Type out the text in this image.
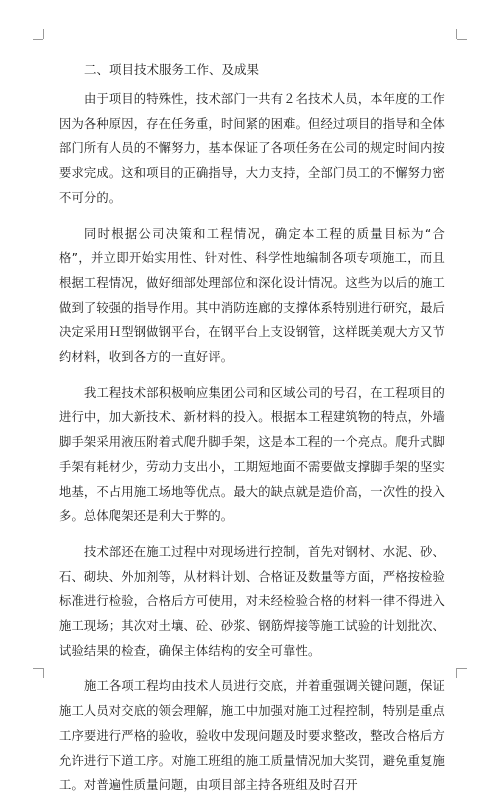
二、项目技术服务工作、及成果

由于项目的特殊性，技术部门一共有２名技术人员，本年度的工作因为各种原因，存在任务重，时间紧的困难。但经过项目的指导和全体部门所有人员的不懈努力，基本保证了各项任务在公司的规定时间内按要求完成。这和项目的正确指导，大力支持，全部门员工的不懈努力密不可分的。

同时根据公司决策和工程情况，确定本工程的质量目标为“合格”，并立即开始实用性、针对性、科学性地编制各项专项施工，而且根据工程情况，做好细部处理部位和深化设计情况。这些为以后的施工做到了较强的指导作用。其中消防连廊的支撑体系特别进行研究，最后决定采用Ｈ型钢做钢平台，在钢平台上支设钢管，这样既美观大方又节约材料，收到各方的一直好评。

我工程技术部积极响应集团公司和区域公司的号召，在工程项目的进行中，加大新技术、新材料的投入。根据本工程建筑物的特点，外墙脚手架采用液压附着式爬升脚手架，这是本工程的一个亮点。爬升式脚手架有耗材少，劳动力支出小，工期短地面不需要做支撑脚手架的坚实地基，不占用施工场地等优点。最大的缺点就是造价高，一次性的投入多。总体爬架还是利大于弊的。

技术部还在施工过程中对现场进行控制，首先对钢材、水泥、砂、石、砌块、外加剂等，从材料计划、合格证及数量等方面，严格按检验标准进行检验，合格后方可使用，对未经检验合格的材料一律不得进入施工现场；其次对土壤、砼、砂浆、钢筋焊接等施工试验的计划批次、试验结果的检查，确保主体结构的安全可靠性。

施工各项工程均由技术人员进行交底，并着重强调关键问题，保证施工人员对交底的领会理解，施工中加强对施工过程控制，特别是重点工序要进行严格的验收，验收中发现问题及时要求整改，整改合格后方允许进行下道工序。对施工班组的施工质量情况加大奖罚，避免重复施工。对普遍性质量问题，由项目部主持各班组及时召开
